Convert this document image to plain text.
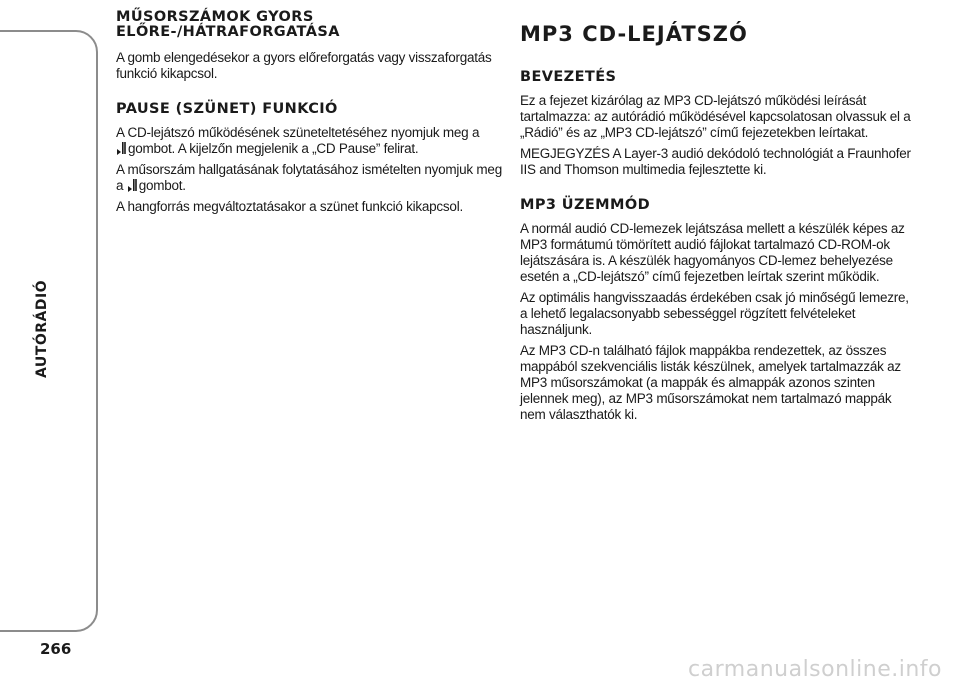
AUTÓRÁDIÓ
266
MŰSORSZÁMOK GYORS
ELŐRE-/HÁTRAFORGATÁSA

A gomb elengedésekor a gyors előreforgatás vagy visszaforgatás funkció kikapcsol.

PAUSE (SZÜNET) FUNKCIÓ

A CD-lejátszó működésének szüneteltetéséhez nyomjuk meg a
gombot. A kijelzőn megjelenik a „CD Pause” felirat.

A műsorszám hallgatásának folytatásához ismételten nyomjuk meg a gombot.

A hangforrás megváltoztatásakor a szünet funkció kikapcsol.

MP3 CD-LEJÁTSZÓ
BEVEZETÉS

Ez a fejezet kizárólag az MP3 CD-lejátszó működési leírását tartalmazza: az autórádió működésével kapcsolatosan olvassuk el a „Rádió” és az „MP3 CD-lejátszó” című fejezetekben leírtakat.

MEGJEGYZÉS A Layer-3 audió dekódoló technológiát a Fraunhofer IIS and Thomson multimedia fejlesztette ki.

MP3 ÜZEMMÓD

A normál audió CD-lemezek lejátszása mellett a készülék képes az MP3 formátumú tömörített audió fájlokat tartalmazó CD-ROM-ok lejátszására is. A készülék hagyományos CD-lemez behelyezése esetén a „CD-lejátszó” című fejezetben leírtak szerint működik.

Az optimális hangvisszaadás érdekében csak jó minőségű lemezre, a lehető legalacsonyabb sebességgel rögzített felvételeket használjunk.

Az MP3 CD-n található fájlok mappákba rendezettek, az összes mappából szekvenciális listák készülnek, amelyek tartalmazzák az MP3 műsorszámokat (a mappák és almappák azonos szinten jelennek meg), az MP3 műsorszámokat nem tartalmazó mappák nem választhatók ki.

carmanualsonline.info
